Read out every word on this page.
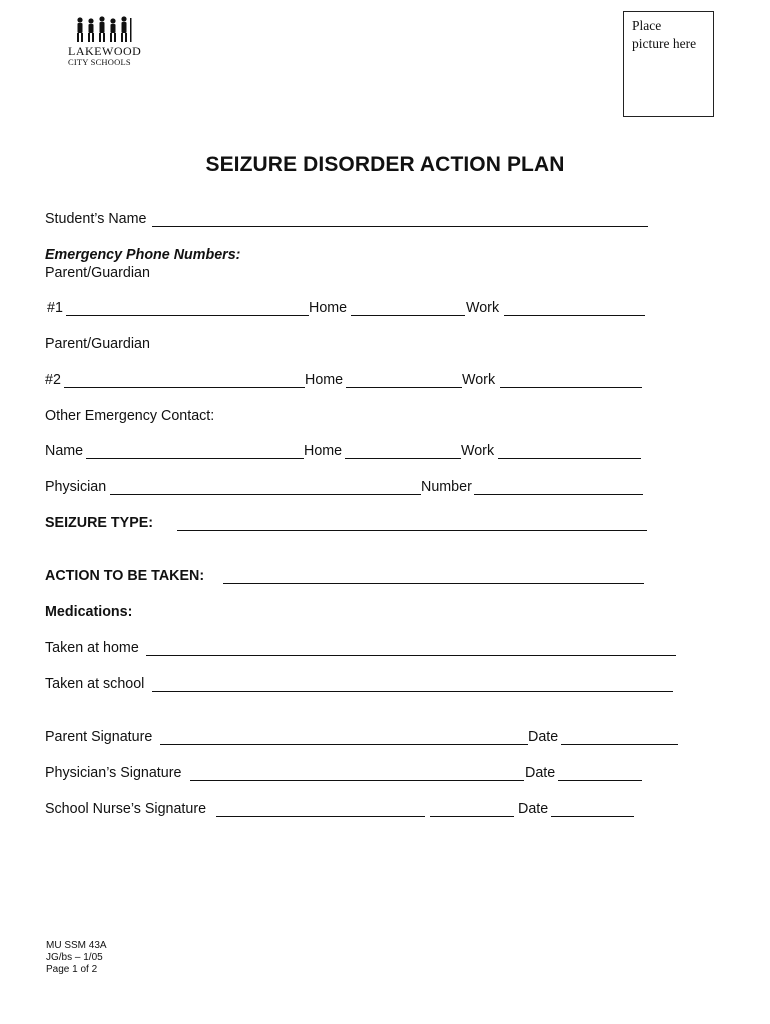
LAKEWOOD
CITY SCHOOLS
Place picture here
SEIZURE DISORDER ACTION PLAN
Student’s Name
Emergency Phone Numbers:
Parent/Guardian
#1	Home	Work
Parent/Guardian
#2	Home	Work
Other Emergency Contact:
Name	Home	Work
Physician	Number
SEIZURE TYPE:
ACTION TO BE TAKEN:
Medications:
Taken at home
Taken at school
Parent Signature	Date
Physician’s Signature	Date
School Nurse’s Signature	Date
MU SSM 43A
JG/bs – 1/05
Page 1 of 2
